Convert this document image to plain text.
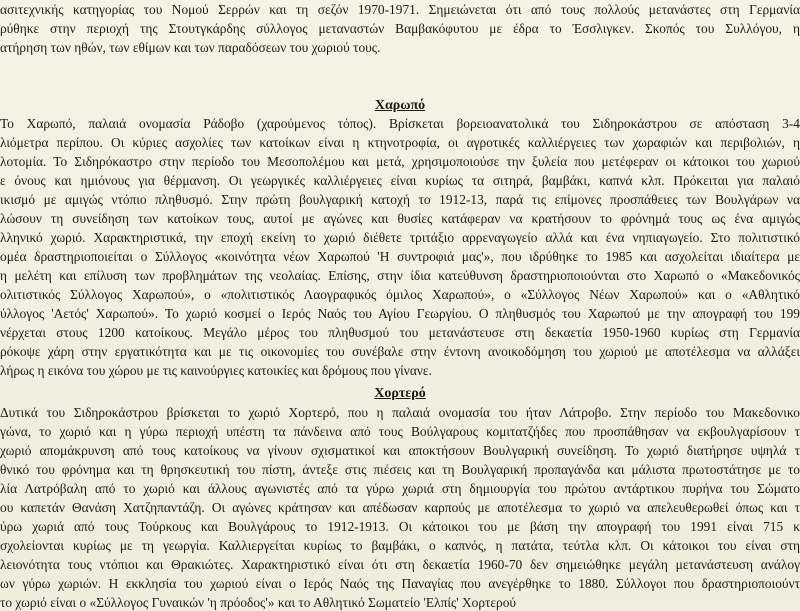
ασιτεχνικής κατηγορίας του Νομού Σερρών και τη σεζόν 1970-1971. Σημειώνεται ότι από τους πολλούς μετανάστες στη Γερμανία
ρύθηκε στην περιοχή της Στουτγκάρδης σύλλογος μεταναστών Βαμβακόφυτου με έδρα το Έσσλιγκεν. Σκοπός του Συλλόγου, η
ατήρηση των ηθών, των εθίμων και των παραδόσεων του χωριού τους.
Χαρωπό
Το Χαρωπό, παλαιά ονομασία Ράδοβο (χαρούμενος τόπος). Βρίσκεται βορειοανατολικά του Σιδηροκάστρου σε απόσταση 3-4
λιόμετρα περίπου. Οι κύριες ασχολίες των κατοίκων είναι η κτηνοτροφία, οι αγροτικές καλλιέργειες των χωραφιών και περιβολιών, η
λοτομία. Το Σιδηρόκαστρο στην περίοδο του Μεσοπολέμου και μετά, χρησιμοποιούσε την ξυλεία που μετέφεραν οι κάτοικοι του χωριού
ε όνους και ημιόνους για θέρμανση. Οι γεωργικές καλλιέργειες είναι κυρίως τα σιτηρά, βαμβάκι, καπνά κλπ. Πρόκειται για παλαιό
ικισμό με αμιγώς ντόπιο πληθυσμό. Στην πρώτη βουλγαρική κατοχή το 1912-13, παρά τις επίμονες προσπάθειες των Βουλγάρων να
λώσουν τη συνείδηση των κατοίκων τους, αυτοί με αγώνες και θυσίες κατάφεραν να κρατήσουν το φρόνημά τους ως ένα αμιγώς
λληνικό χωριό. Χαρακτηριστικά, την εποχή εκείνη το χωριό διέθετε τριτάξιο αρρεναγωγείο αλλά και ένα νηπιαγωγείο. Στο πολιτιστικό
ομέα δραστηριοποιείται ο Σύλλογος «κοινότητα νέων Χαρωπού 'Η συντροφιά μας'», που ιδρύθηκε το 1985 και ασχολείται ιδιαίτερα με
η μελέτη και επίλυση των προβλημάτων της νεολαίας. Επίσης, στην ίδια κατεύθυνση δραστηριοποιούνται στο Χαρωπό ο «Μακεδονικός
ολιτιστικός Σύλλογος Χαρωπού», ο «πολιτιστικός Λαογραφικός όμιλος Χαρωπού», ο «Σύλλογος Νέων Χαρωπού» και ο «Αθλητικό
ύλλογος 'Αετός' Χαρωπού». Το χωριό κοσμεί ο Ιερός Ναός του Αγίου Γεωργίου. Ο πληθυσμός του Χαρωπού με την απογραφή του 199
νέρχεται στους 1200 κατοίκους. Μεγάλο μέρος του πληθυσμού του μετανάστευσε στη δεκαετία 1950-1960 κυρίως στη Γερμανία
ρόκοψε χάρη στην εργατικότητα και με τις οικονομίες του συνέβαλε στην έντονη ανοικοδόμηση του χωριού με αποτέλεσμα να αλλάξει
λήρως η εικόνα του χώρου με τις καινούργιες κατοικίες και δρόμους που γίνανε.
Χορτερό
Δυτικά του Σιδηροκάστρου βρίσκεται το χωριό Χορτερό, που η παλαιά ονομασία του ήταν Λάτροβο. Στην περίοδο του Μακεδονικο
γώνα, το χωριό και η γύρω περιοχή υπέστη τα πάνδεινα από τους Βούλγαρους κομιτατζήδες που προσπάθησαν να εκβουλγαρίσουν τ
χωριό απομάκρυνση από τους κατοίκους να γίνουν σχισματικοί και αποκτήσουν Βουλγαρική συνείδηση. Το χωριό διατήρησε υψηλά τ
θνικό του φρόνημα και τη θρησκευτική του πίστη, άντεξε στις πιέσεις και τη Βουλγαρική προπαγάνδα και μάλιστα πρωτοστάτησε με το
λία Λατρόβαλη από το χωριό και άλλους αγωνιστές από τα γύρω χωριά στη δημιουργία του πρώτου αντάρτικου πυρήνα του Σώματο
ου καπετάν Θανάση Χατζηπαντάζη. Οι αγώνες κράτησαν και απέδωσαν καρπούς με αποτέλεσμα το χωριό να απελευθερωθεί όπως και τ
ύρω χωριά από τους Τούρκους και Βουλγάρους το 1912-1913. Οι κάτοικοι του με βάση την απογραφή του 1991 είναι 715 κ
σχολείονται κυρίως με τη γεωργία. Καλλιεργείται κυρίως το βαμβάκι, ο καπνός, η πατάτα, τεύτλα κλπ. Οι κάτοικοι του είναι στη
λειονότητα τους ντόπιοι και Θρακιώτες. Χαρακτηριστικό είναι ότι στη δεκαετία 1960-70 δεν σημειώθηκε μεγάλη μετανάστευση ανάλογ
ων γύρω χωριών. Η εκκλησία του χωριού είναι ο Ιερός Ναός της Παναγίας που ανεγέρθηκε το 1880. Σύλλογοι που δραστηριοποιούντ
το χωριό είναι ο «Σύλλογος Γυναικών 'η πρόοδος'» και το Αθλητικό Σωματείο 'Ελπίς' Χορτερού
